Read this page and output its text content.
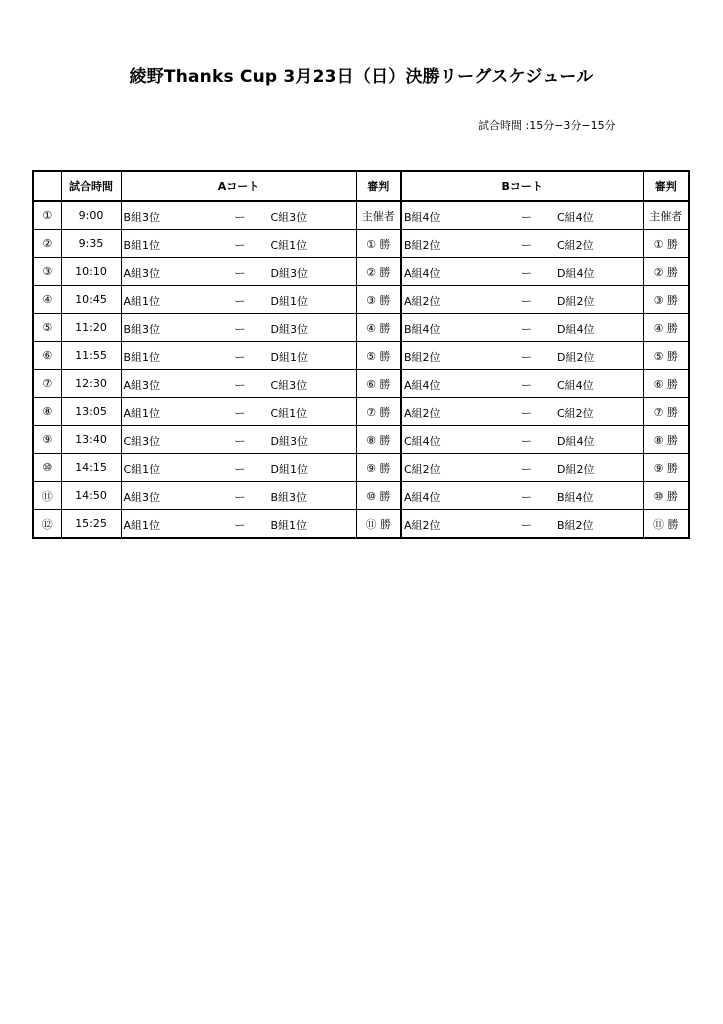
綾野Thanks Cup 3月23日（日）決勝リーグスケジュール
試合時間 :15分−3分−15分
	試合時間	Aコート	審判	Bコート	審判
①	9:00	B組3位 ー C組3位	主催者	B組4位 ー C組4位	主催者
②	9:35	B組1位 ー C組1位	① 勝	B組2位 ー C組2位	① 勝
③	10:10	A組3位 ー D組3位	② 勝	A組4位 ー D組4位	② 勝
④	10:45	A組1位 ー D組1位	③ 勝	A組2位 ー D組2位	③ 勝
⑤	11:20	B組3位 ー D組3位	④ 勝	B組4位 ー D組4位	④ 勝
⑥	11:55	B組1位 ー D組1位	⑤ 勝	B組2位 ー D組2位	⑤ 勝
⑦	12:30	A組3位 ー C組3位	⑥ 勝	A組4位 ー C組4位	⑥ 勝
⑧	13:05	A組1位 ー C組1位	⑦ 勝	A組2位 ー C組2位	⑦ 勝
⑨	13:40	C組3位 ー D組3位	⑧ 勝	C組4位 ー D組4位	⑧ 勝
⑩	14:15	C組1位 ー D組1位	⑨ 勝	C組2位 ー D組2位	⑨ 勝
⑪	14:50	A組3位 ー B組3位	⑩ 勝	A組4位 ー B組4位	⑩ 勝
⑫	15:25	A組1位 ー B組1位	⑪ 勝	A組2位 ー B組2位	⑪ 勝
